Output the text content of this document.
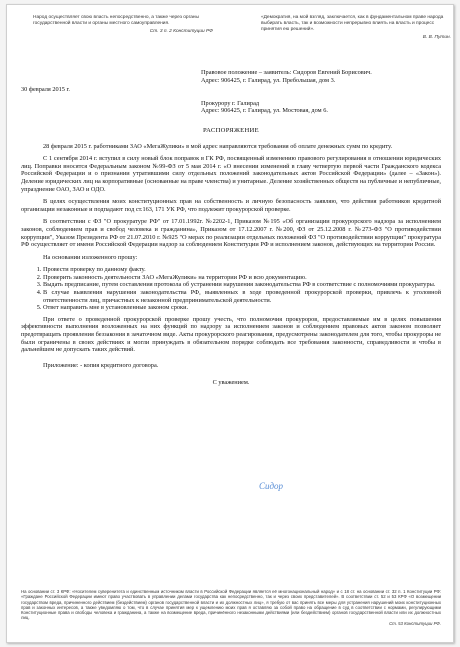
Народ осуществляет свою власть непосредственно, а также через органы государственной власти и органы местного самоуправления.
Ст. 3 п. 2 Конституции РФ
«Демократия, на мой взгляд, заключается, как в фундаментальном праве народа выбирать власть, так и возможности непрерывно влиять на власть и процесс принятия ею решений».
В. В. Путин.
Правовое положение – заявитель: Сидоров Евгений Борисович.
Адрес: 906425, г. Галирад, ул. Пребольшая, дом 3.
30 февраля 2015 г.
Прокурору г. Галирад
Адрес: 906425, г. Галирад, ул. Мостовая, дом 6.
РАСПОРЯЖЕНИЕ

28 февраля 2015 г. работниками ЗАО «МегаЖулики» в мой адрес направляются требования об оплате денежных сумм по кредиту.

С 1 сентября 2014 г. вступил в силу новый блок поправок в ГК РФ, посвященный изменению правового регулирования в отношении юридических лиц. Поправки вносятся Федеральным законом №99-ФЗ от 5 мая 2014 г. «О внесении изменений в главу четвертую первой части Гражданского кодекса Российской Федерации и о признании утратившими силу отдельных положений законодательных актов Российской Федерации» (далее – «Закон»). Деление юридических лиц на корпоративные (основанные на праве членства) и унитарные. Деление хозяйственных обществ на публичные и непубличные, упразднение ОАО, ЗАО и ОДО.

В целях осуществления моих конституционных прав на собственность и личную безопасность заявляю, что действия работников кредитной организации незаконные и подпадают под ст.163, 171 УК РФ, что подлежит прокурорской проверке.

В соответствии с ФЗ "О прокуратуре РФ" от 17.01.1992г. №2202-1, Приказом №195 «Об организации прокурорского надзора за исполнением законов, соблюдением прав и свобод человека и гражданина», Приказом от 17.12.2007 г. №200, ФЗ от 25.12.2008 г. №273-ФЗ "О противодействии коррупции", Указом Президента РФ от 21.07.2010 г. №925 "О мерах по реализации отдельных положений ФЗ "О противодействии коррупции" прокуратура РФ осуществляет от имени Российской Федерации надзор за соблюдением Конституции РФ и исполнением законов, действующих на территории России.

На основании изложенного прошу:

1. Провести проверку по данному факту.
2. Проверить законность деятельности ЗАО «МегаЖулики» на территории РФ и всю документацию.
3. Выдать предписание, путем составления протокола об устранении нарушения законодательства РФ в соответствие с полномочиями прокуратуры.
4. В случае выявления нарушения законодательства РФ, выявленных в ходе проведенной прокурорской проверки, привлечь к уголовной ответственности лиц, причастных к незаконной предпринимательской деятельности.
5. Ответ направить мне в установленные законом сроки.

При ответе о проведенной прокурорской проверке прошу учесть, что полномочия прокуроров, предоставляемые им в целях повышения эффективности выполнения возложенных на них функций по надзору за исполнением законов и соблюдением правовых актов законом позволяет предотвращать проявления беззакония в зачаточном виде. Акты прокурорского реагирования, предусмотрены законодателем для того, чтобы прокуроры не были ограничены в своих действиях и могли принуждать в обязательном порядке соблюдать все требования законности, справедливости и чтобы в дальнейшем не допускать таких действий.

Приложение: - копия кредитного договора.

С уважением.
Сидор
На основании ст. 3 КРФ: «Носителем суверенитета и единственным источником власти в Российской Федерации является её многонациональный народ» и с 18 ст. на основании ст. 32 п. 1 Конституции РФ: «Граждане Российской Федерации имеют право участвовать в управлении делами государства как непосредственно, так и через своих представителей». В соответствии ст. 52 и 53 КРФ «О возмещении государством вреда, причиненного действием (бездействием) органов государственной власти и их должностных лиц», я требую от вас принять все меры для устранения нарушений моих конституционных прав и законных интересов, а также уведомляю о том, что в случае принятия мер к ущемлению моих прав я оставляю за собой право на обращение в суд в соответствии с нормами, регулирующими Конституционные права и свободы человека и гражданина, а также на возмещение вреда, причинённого незаконными действиями (или бездействием) органов государственной власти или их должностных лиц.
Ст. 53 Конституции РФ.
